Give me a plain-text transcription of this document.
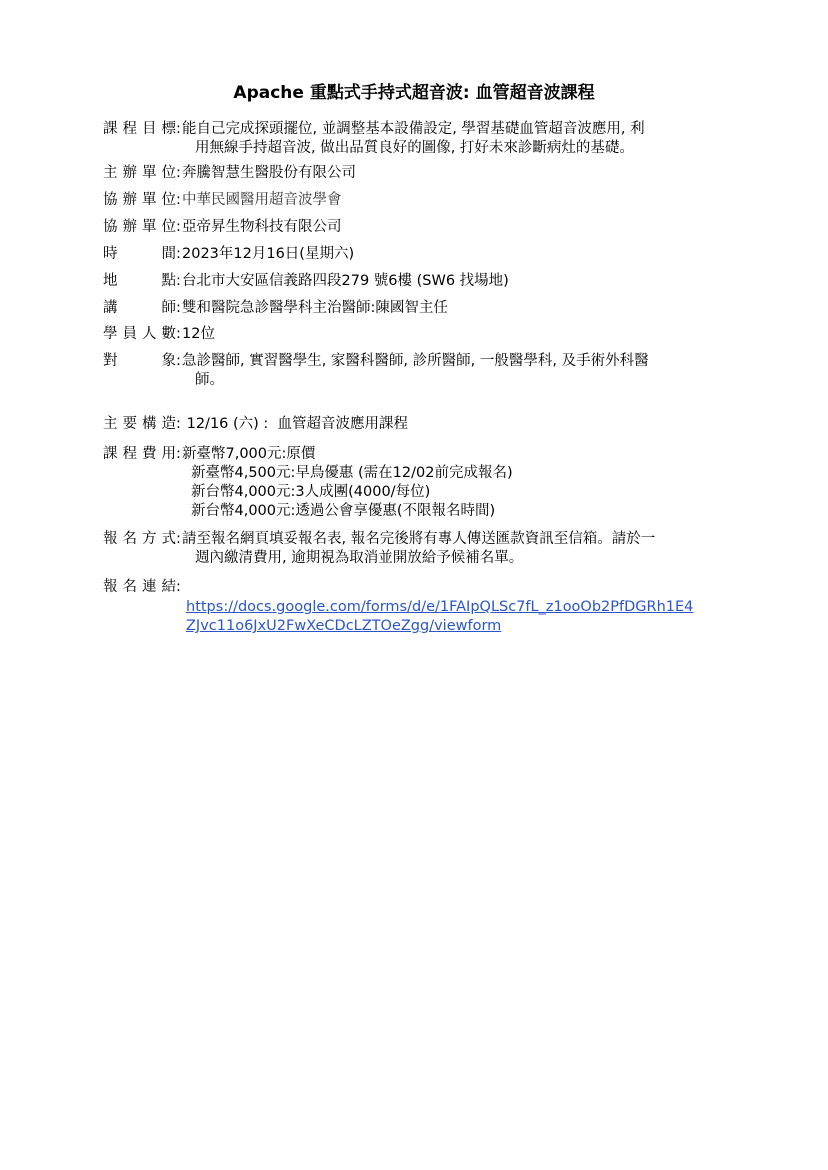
Apache 重點式手持式超音波: 血管超音波課程
課程目標 : 能自己完成探頭擺位, 並調整基本設備設定, 學習基礎血管超音波應用, 利
用無線手持超音波, 做出品質良好的圖像, 打好未來診斷病灶的基礎。
主辦單位 : 奔騰智慧生醫股份有限公司
協辦單位 : 中華民國醫用超音波學會
協辦單位 : 亞帝昇生物科技有限公司
時間 : 2023年12月16日(星期六)
地點 : 台北市大安區信義路四段279 號6樓 (SW6 找場地)
講師 : 雙和醫院急診醫學科主治醫師:陳國智主任
學員人數 : 12位
對象 : 急診醫師, 實習醫學生, 家醫科醫師, 診所醫師, 一般醫學科, 及手術外科醫
師。
主要構造 : 12/16 (六) :  血管超音波應用課程
課程費用 : 新臺幣7,000元:原價
新臺幣4,500元:早鳥優惠 (需在12/02前完成報名)
新台幣4,000元:3人成團(4000/每位)
新台幣4,000元:透過公會享優惠(不限報名時間)
報名方式 : 請至報名網頁填妥報名表, 報名完後將有專人傳送匯款資訊至信箱。請於一
週內繳清費用, 逾期視為取消並開放給予候補名單。
報名連結 :
https://docs.google.com/forms/d/e/1FAIpQLSc7fL_z1ooOb2PfDGRh1E4
ZJvc11o6JxU2FwXeCDcLZTOeZgg/viewform
